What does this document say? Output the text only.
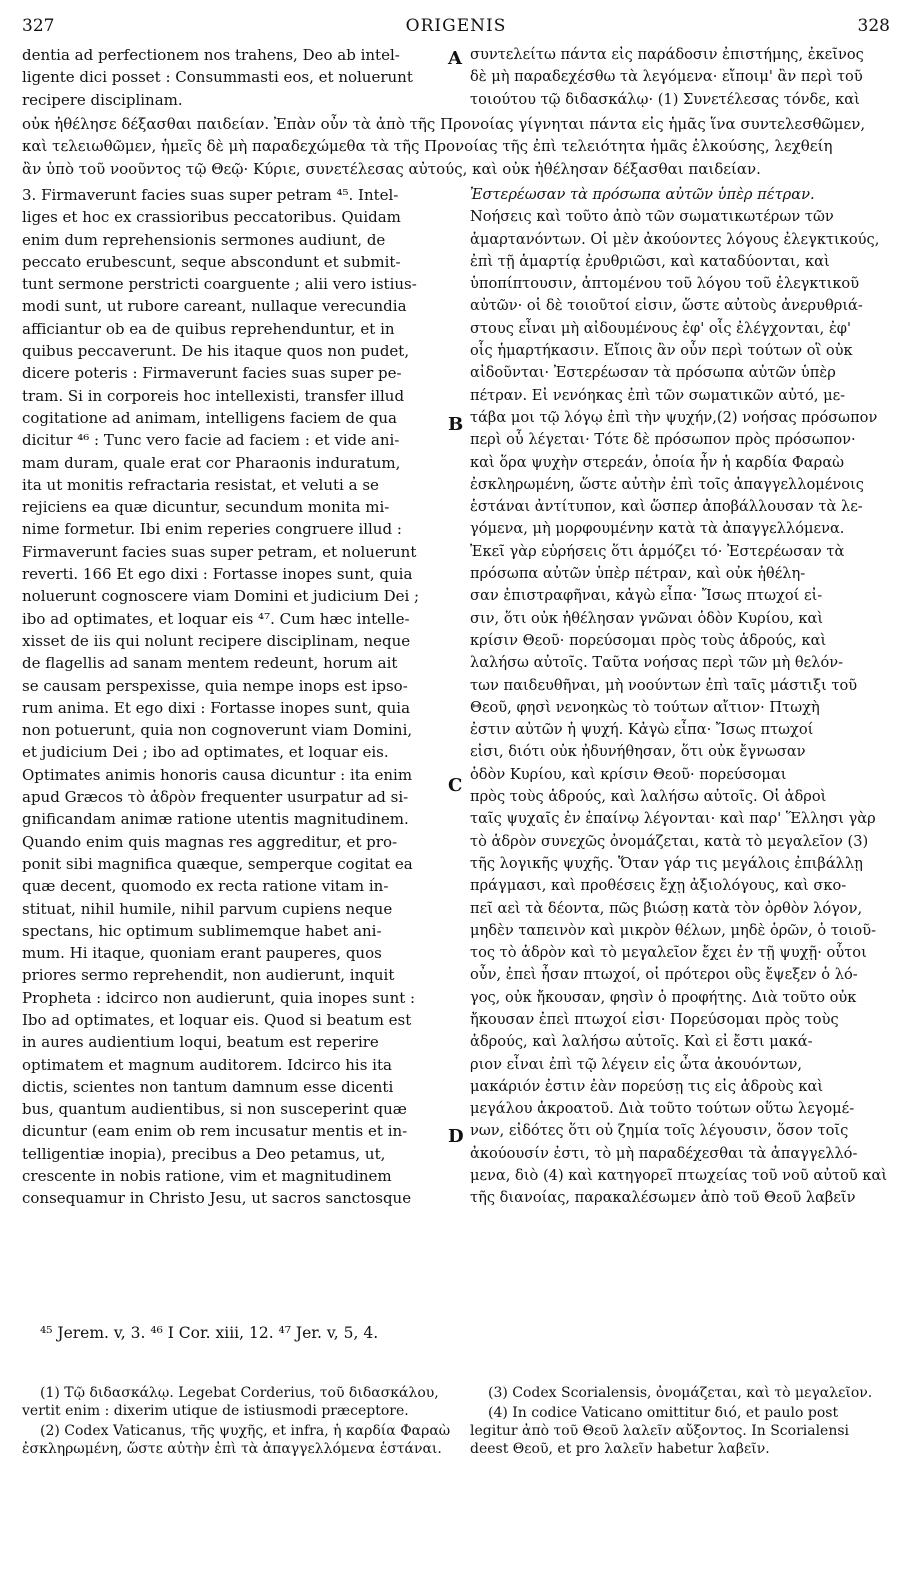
327	ORIGENIS	328
dentia ad perfectionem nos trahens, Deo ab intel-
ligente dici posset : Consummasti eos, et noluerunt
recipere disciplinam.
συντελείτω πάντα εἰς παράδοσιν ἐπιστήμης, ἐκεῖνος
δὲ μὴ παραδεχέσθω τὰ λεγόμενα· εἴποιμ' ἂν περὶ τοῦ
τοιούτου τῷ διδασκάλῳ· (1) Συνετέλεσας τόνδε, καὶ
οὐκ ἠθέλησε δέξασθαι παιδείαν. Ἐπὰν οὖν τὰ ἀπὸ τῆς Προνοίας γίγνηται πάντα εἰς ἡμᾶς ἵνα συντελεσθῶμεν,
καὶ τελειωθῶμεν, ἡμεῖς δὲ μὴ παραδεχώμεθα τὰ τῆς Προνοίας τῆς ἐπὶ τελειότητα ἡμᾶς ἑλκούσης, λεχθείη
ἂν ὑπὸ τοῦ νοοῦντος τῷ Θεῷ· Κύριε, συνετέλεσας αὐτούς, καὶ οὐκ ἠθέλησαν δέξασθαι παιδείαν.
3. Firmaverunt facies suas super petram ⁴⁵. Intel-
liges et hoc ex crassioribus peccatoribus. Quidam
enim dum reprehensionis sermones audiunt, de
peccato erubescunt, seque abscondunt et submit-
tunt sermone perstricti coarguente ; alii vero istius-
modi sunt, ut rubore careant, nullaque verecundia
afficiantur ob ea de quibus reprehenduntur, et in
quibus peccaverunt. De his itaque quos non pudet,
dicere poteris : Firmaverunt facies suas super pe-
tram. Si in corporeis hoc intellexisti, transfer illud
cogitatione ad animam, intelligens faciem de qua
dicitur ⁴⁶ : Tunc vero facie ad faciem : et vide ani-
mam duram, quale erat cor Pharaonis induratum,
ita ut monitis refractaria resistat, et veluti a se
rejiciens ea quæ dicuntur, secundum monita mi-
nime formetur. Ibi enim reperies congruere illud :
Firmaverunt facies suas super petram, et noluerunt
reverti. 166 Et ego dixi : Fortasse inopes sunt, quia
noluerunt cognoscere viam Domini et judicium Dei ;
ibo ad optimates, et loquar eis ⁴⁷. Cum hæc intelle-
xisset de iis qui nolunt recipere disciplinam, neque
de flagellis ad sanam mentem redeunt, horum ait
se causam perspexisse, quia nempe inops est ipso-
rum anima. Et ego dixi : Fortasse inopes sunt, quia
non potuerunt, quia non cognoverunt viam Domini,
et judicium Dei ; ibo ad optimates, et loquar eis.
Optimates animis honoris causa dicuntur : ita enim
apud Græcos τὸ ἁδρὸν frequenter usurpatur ad si-
gnificandam animæ ratione utentis magnitudinem.
Quando enim quis magnas res aggreditur, et pro-
ponit sibi magnifica quæque, semperque cogitat ea
quæ decent, quomodo ex recta ratione vitam in-
stituat, nihil humile, nihil parvum cupiens neque
spectans, hic optimum sublimemque habet ani-
mum. Hi itaque, quoniam erant pauperes, quos
priores sermo reprehendit, non audierunt, inquit
Propheta : idcirco non audierunt, quia inopes sunt :
Ibo ad optimates, et loquar eis. Quod si beatum est
in aures audientium loqui, beatum est reperire
optimatem et magnum auditorem. Idcirco his ita
dictis, scientes non tantum damnum esse dicenti
bus, quantum audientibus, si non susceperint quæ
dicuntur (eam enim ob rem incusatur mentis et in-
telligentiæ inopia), precibus a Deo petamus, ut,
crescente in nobis ratione, vim et magnitudinem
consequamur in Christo Jesu, ut sacros sanctosque
Ἐστερέωσαν τὰ πρόσωπα αὐτῶν ὑπὲρ πέτραν.
Νοήσεις καὶ τοῦτο ἀπὸ τῶν σωματικωτέρων τῶν
ἁμαρτανόντων. Οἱ μὲν ἀκούοντες λόγους ἐλεγκτικούς,
ἐπὶ τῇ ἁμαρτίᾳ ἐρυθριῶσι, καὶ καταδύονται, καὶ
ὑποπίπτουσιν, ἁπτομένου τοῦ λόγου τοῦ ἐλεγκτικοῦ
αὐτῶν· οἱ δὲ τοιοῦτοί εἰσιν, ὥστε αὐτοὺς ἀνερυθριά-
στους εἶναι μὴ αἰδουμένους ἐφ' οἷς ἐλέγχονται, ἐφ'
οἷς ἡμαρτήκασιν. Εἴποις ἂν οὖν περὶ τούτων οἳ οὐκ
αἰδοῦνται· Ἐστερέωσαν τὰ πρόσωπα αὐτῶν ὑπὲρ
πέτραν. Εἰ νενόηκας ἐπὶ τῶν σωματικῶν αὐτό, με-
τάβα μοι τῷ λόγῳ ἐπὶ τὴν ψυχήν,(2) νοήσας πρόσωπον
περὶ οὗ λέγεται· Τότε δὲ πρόσωπον πρὸς πρόσωπον·
καὶ ὅρα ψυχὴν στερεάν, ὁποία ἦν ἡ καρδία Φαραὼ
ἐσκληρωμένη, ὥστε αὐτὴν ἐπὶ τοῖς ἀπαγγελλομένοις
ἑστάναι ἀντίτυπον, καὶ ὥσπερ ἀποβάλλουσαν τὰ λε-
γόμενα, μὴ μορφουμένην κατὰ τὰ ἀπαγγελλόμενα.
Ἐκεῖ γὰρ εὑρήσεις ὅτι ἁρμόζει τό· Ἐστερέωσαν τὰ
πρόσωπα αὐτῶν ὑπὲρ πέτραν, καὶ οὐκ ἠθέλη-
σαν ἐπιστραφῆναι, κἀγὼ εἶπα· Ἴσως πτωχοί εἰ-
σιν, ὅτι οὐκ ἠθέλησαν γνῶναι ὁδὸν Κυρίου, καὶ
κρίσιν Θεοῦ· πορεύσομαι πρὸς τοὺς ἁδρούς, καὶ
λαλήσω αὐτοῖς. Ταῦτα νοήσας περὶ τῶν μὴ θελόν-
των παιδευθῆναι, μὴ νοούντων ἐπὶ ταῖς μάστιξι τοῦ
Θεοῦ, φησὶ νενοηκὼς τὸ τούτων αἴτιον· Πτωχὴ
ἐστιν αὐτῶν ἡ ψυχή. Κἀγὼ εἶπα· Ἴσως πτωχοί
εἰσι, διότι οὐκ ἠδυνήθησαν, ὅτι οὐκ ἔγνωσαν
ὁδὸν Κυρίου, καὶ κρίσιν Θεοῦ· πορεύσομαι
πρὸς τοὺς ἁδρούς, καὶ λαλήσω αὐτοῖς. Οἱ ἁδροὶ
ταῖς ψυχαῖς ἐν ἐπαίνῳ λέγονται· καὶ παρ' Ἕλλησι γὰρ
τὸ ἁδρὸν συνεχῶς ὀνομάζεται, κατὰ τὸ μεγαλεῖον (3)
τῆς λογικῆς ψυχῆς. Ὅταν γάρ τις μεγάλοις ἐπιβάλλῃ
πράγμασι, καὶ προθέσεις ἔχῃ ἀξιολόγους, καὶ σκο-
πεῖ αεὶ τὰ δέοντα, πῶς βιώσῃ κατὰ τὸν ὀρθὸν λόγον,
μηδὲν ταπεινὸν καὶ μικρὸν θέλων, μηδὲ ὁρῶν, ὁ τοιοῦ-
τος τὸ ἁδρὸν καὶ τὸ μεγαλεῖον ἔχει ἐν τῇ ψυχῇ· οὗτοι
οὖν, ἐπεὶ ἦσαν πτωχοί, οἱ πρότεροι οὓς ἔψεξεν ὁ λό-
γος, οὐκ ἤκουσαν, φησὶν ὁ προφήτης. Διὰ τοῦτο οὐκ
ἤκουσαν ἐπεὶ πτωχοί εἰσι· Πορεύσομαι πρὸς τοὺς
ἁδρούς, καὶ λαλήσω αὐτοῖς. Καὶ εἰ ἔστι μακά-
ριον εἶναι ἐπὶ τῷ λέγειν εἰς ὦτα ἀκουόντων,
μακάριόν ἐστιν ἐὰν πορεύσῃ τις εἰς ἁδροὺς καὶ
μεγάλου ἀκροατοῦ. Διὰ τοῦτο τούτων οὕτω λεγομέ-
νων, εἰδότες ὅτι οὐ ζημία τοῖς λέγουσιν, ὅσον τοῖς
ἀκούουσίν ἐστι, τὸ μὴ παραδέχεσθαι τὰ ἀπαγγελλό-
μενα, διὸ (4) καὶ κατηγορεῖ πτωχείας τοῦ νοῦ αὐτοῦ καὶ
τῆς διανοίας, παρακαλέσωμεν ἀπὸ τοῦ Θεοῦ λαβεῖν
A
B
C
D
⁴⁵ Jerem. v, 3. ⁴⁶ I Cor. xiii, 12. ⁴⁷ Jer. v, 5, 4.

(1) Τῷ διδασκάλῳ. Legebat Corderius, τοῦ διδασκάλου, vertit enim : dixerim utique de istiusmodi præceptore.

(2) Codex Vaticanus, τῆς ψυχῆς, et infra, ἡ καρδία Φαραὼ ἐσκληρωμένη, ὥστε αὐτὴν ἐπὶ τὰ ἀπαγγελλόμενα ἑστάναι.

(3) Codex Scorialensis, ὀνομάζεται, καὶ τὸ μεγαλεῖον.

(4) In codice Vaticano omittitur διό, et paulo post legitur ἀπὸ τοῦ Θεοῦ λαλεῖν αὔξοντος. In Scorialensi deest Θεοῦ, et pro λαλεῖν habetur λαβεῖν.
